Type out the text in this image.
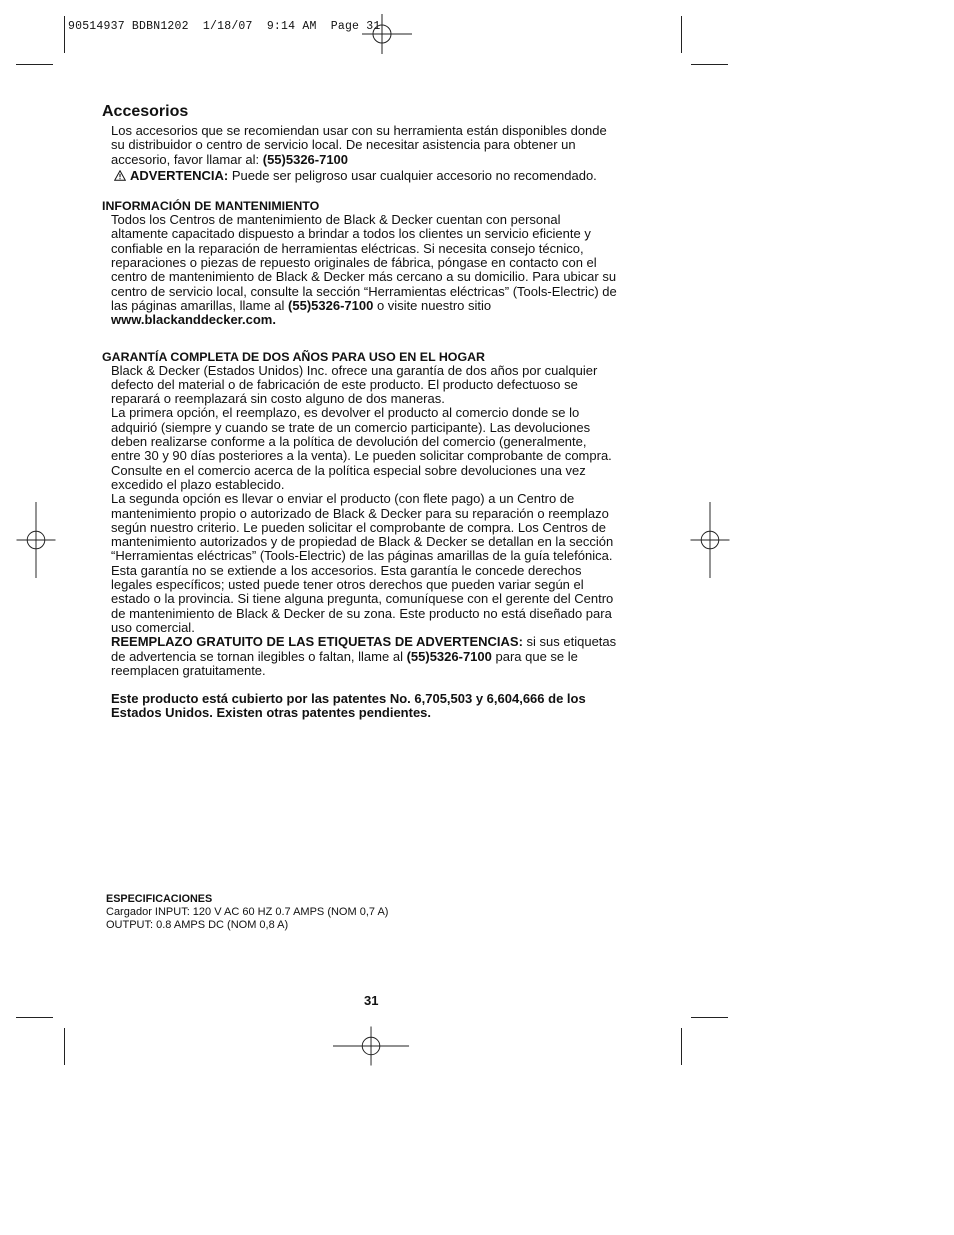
90514937 BDBN1202  1/18/07  9:14 AM  Page 31
Accesorios
Los accesorios que se recomiendan usar con su herramienta están disponibles donde
su distribuidor o centro de servicio local. De necesitar asistencia para obtener un
accesorio, favor llamar al: (55)5326-7100
ADVERTENCIA: Puede ser peligroso usar cualquier accesorio no recomendado.
INFORMACIÓN DE MANTENIMIENTO
Todos los Centros de mantenimiento de Black & Decker cuentan con personal
altamente capacitado dispuesto a brindar a todos los clientes un servicio eficiente y
confiable en la reparación de herramientas eléctricas. Si necesita consejo técnico,
reparaciones o piezas de repuesto originales de fábrica, póngase en contacto con el
centro de mantenimiento de Black & Decker más cercano a su domicilio. Para ubicar su
centro de servicio local, consulte la sección “Herramientas eléctricas” (Tools-Electric) de
las páginas amarillas, llame al (55)5326-7100 o visite nuestro sitio
www.blackanddecker.com.
GARANTÍA COMPLETA DE DOS AÑOS PARA USO EN EL HOGAR
Black & Decker (Estados Unidos) Inc. ofrece una garantía de dos años por cualquier
defecto del material o de fabricación de este producto. El producto defectuoso se
reparará o reemplazará sin costo alguno de dos maneras.
La primera opción, el reemplazo, es devolver el producto al comercio donde se lo
adquirió (siempre y cuando se trate de un comercio participante). Las devoluciones
deben realizarse conforme a la política de devolución del comercio (generalmente,
entre 30 y 90 días posteriores a la venta). Le pueden solicitar comprobante de compra.
Consulte en el comercio acerca de la política especial sobre devoluciones una vez
excedido el plazo establecido.
La segunda opción es llevar o enviar el producto (con flete pago) a un Centro de
mantenimiento propio o autorizado de Black & Decker para su reparación o reemplazo
según nuestro criterio. Le pueden solicitar el comprobante de compra. Los Centros de
mantenimiento autorizados y de propiedad de Black & Decker se detallan en la sección
“Herramientas eléctricas” (Tools-Electric) de las páginas amarillas de la guía telefónica.
Esta garantía no se extiende a los accesorios. Esta garantía le concede derechos
legales específicos; usted puede tener otros derechos que pueden variar según el
estado o la provincia. Si tiene alguna pregunta, comuníquese con el gerente del Centro
de mantenimiento de Black & Decker de su zona. Este producto no está diseñado para
uso comercial.
REEMPLAZO GRATUITO DE LAS ETIQUETAS DE ADVERTENCIAS: si sus etiquetas
de advertencia se tornan ilegibles o faltan, llame al (55)5326-7100 para que se le
reemplacen gratuitamente.
Este producto está cubierto por las patentes No. 6,705,503 y 6,604,666 de los
Estados Unidos. Existen otras patentes pendientes.
ESPECIFICACIONES
Cargador INPUT: 120 V AC 60 HZ 0.7 AMPS (NOM 0,7 A)
OUTPUT: 0.8 AMPS DC (NOM 0,8 A)
31
